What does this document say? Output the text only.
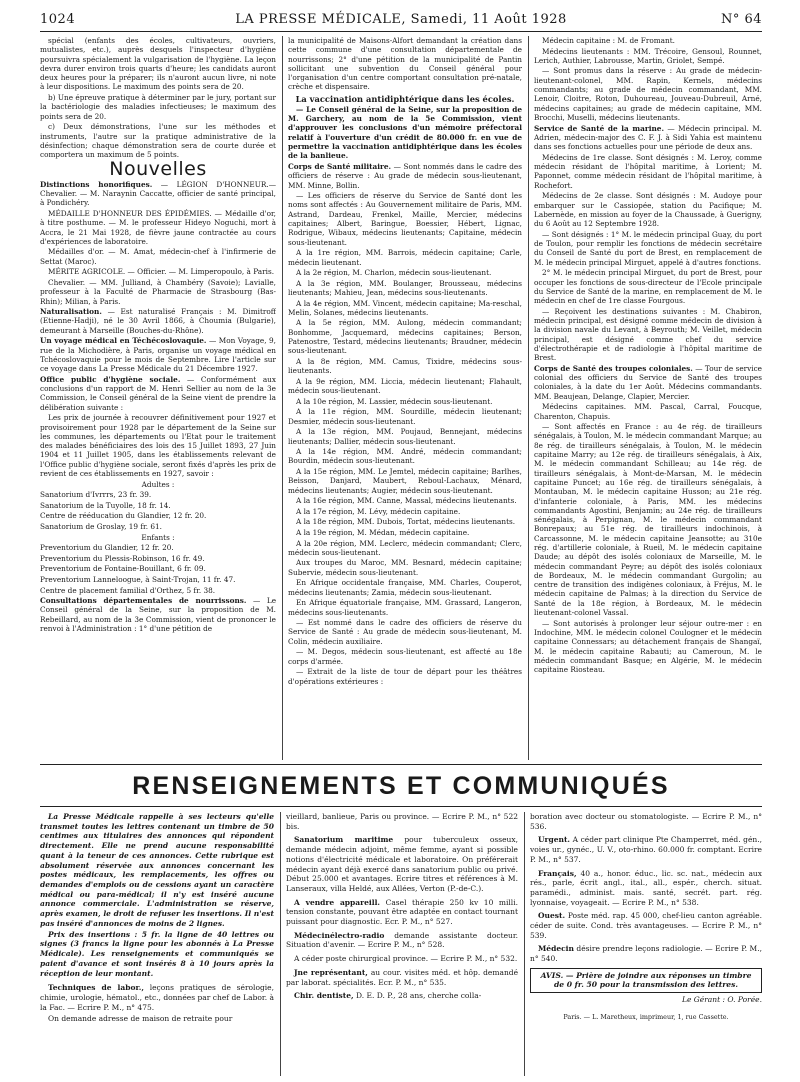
1024	LA PRESSE MÉDICALE, Samedi, 11 Août 1928	N° 64

spécial (enfants des écoles, cultivateurs, ouvriers, mutualistes, etc.), auprès desquels l'inspecteur d'hygiène poursuivra spécialement la vulgarisation de l'hygiène. La leçon devra durer environ trois quarts d'heure; les candidats auront deux heures pour la préparer; ils n'auront aucun livre, ni note à leur dispositions. Le maximum des points sera de 20.

b) Une épreuve pratique à déterminer par le jury, portant sur la bactériologie des maladies infectieuses; le maximum des points sera de 20.

c) Deux démonstrations, l'une sur les méthodes et instruments, l'autre sur la pratique administrative de la désinfection; chaque démonstration sera de courte durée et comportera un maximum de 5 points.

Nouvelles

Distinctions honorifiques. — LÉGION D'HONNEUR.— Chevalier. — M. Naraynin Caccatte, officier de santé principal, à Pondichéry.

MÉDAILLE D'HONNEUR DES ÉPIDÉMIES. — Médaille d'or, à titre posthume. — M. le professeur Hideyo Noguchi, mort à Accra, le 21 Mai 1928, de fièvre jaune contractée au cours d'expériences de laboratoire.

Médailles d'or. — M. Amat, médecin-chef à l'infirmerie de Settat (Maroc).

MÉRITE AGRICOLE. — Officier. — M. Limperopoulo, à Paris.

Chevalier. — MM. Julliand, à Chambéry (Savoie); Lavialle, professeur à la Faculté de Pharmacie de Strasbourg (Bas-Rhin); Milian, à Paris.

Naturalisation. — Est naturalisé Français : M. Dimitroff (Etienne-Hadji), né le 30 Avril 1866, à Choumia (Bulgarie), demeurant à Marseille (Bouches-du-Rhône).

Un voyage médical en Téchécoslovaquie. — Mon Voyage, 9, rue de la Michodière, à Paris, organise un voyage médical en Tchécoslovaquie pour le mois de Septembre. Lire l'article sur ce voyage dans La Presse Médicale du 21 Décembre 1927.

Office public d'hygiène sociale. — Conformément aux conclusions d'un rapport de M. Henri Sellier au nom de la 3e Commission, le Conseil général de la Seine vient de prendre la délibération suivante :

Les prix de journée à recouvrer définitivement pour 1927 et provisoirement pour 1928 par le département de la Seine sur les communes, les départements ou l'Etat pour le traitement des malades bénéficiaires des lois des 15 Juillet 1893, 27 Juin 1904 et 11 Juillet 1905, dans les établissements relevant de l'Office public d'hygiène sociale, seront fixés d'après les prix de revient de ces établissements en 1927, savoir :

Adultes :

Sanatorium d'Ivrrrs, 23 fr. 39.

Sanatorium de la Tuyolle, 18 fr. 14.

Centre de rééducation du Glandier, 12 fr. 20.

Sanatorium de Groslay, 19 fr. 61.

Enfants :

Preventorium du Glandier, 12 fr. 20.

Preventorium du Plessis-Robinson, 16 fr. 49.

Preventorium de Fontaine-Bouillant, 6 fr. 09.

Preventorium Lanneloogue, à Saint-Trojan, 11 fr. 47.

Centre de placement familial d'Orthez, 5 fr. 38.

Consultations départementales de nourrissons. — Le Conseil général de la Seine, sur la proposition de M. Rebeillard, au nom de la 3e Commission, vient de prononcer le renvoi à l'Administration : 1° d'une pétition de

la municipalité de Maisons-Alfort demandant la création dans cette commune d'une consultation départementale de nourrissons; 2° d'une pétition de la municipalité de Pantin sollicitant une subvention du Conseil général pour l'organisation d'un centre comportant consultation pré-natale, crèche et dispensaire.

La vaccination antidiphtérique dans les écoles.

— Le Conseil général de la Seine, sur la proposition de M. Garchery, au nom de la 5e Commission, vient d'approuver les conclusions d'un mémoire préfectoral relatif à l'ouverture d'un crédit de 80.000 fr. en vue de permettre la vaccination antidiphtérique dans les écoles de la banlieue.

Corps de Santé militaire. — Sont nommés dans le cadre des officiers de réserve : Au grade de médecin sous-lieutenant, MM. Minne, Bollin.

— Les officiers de réserve du Service de Santé dont les noms sont affectés : Au Gouvernement militaire de Paris, MM. Astrand, Dardeau, Frenkel, Maille, Mercier, médecins capitaines; Albert, Baringue, Boessier, Hébert, Lignac, Rodrigue, Wibaux, médecins lieutenants; Capitaine, médecin sous-lieutenant.

A la 1re région, MM. Barrois, médecin capitaine; Carle, médecin lieutenant.

A la 2e région, M. Charlon, médecin sous-lieutenant.

A la 3e région, MM. Boulanger, Brousseau, médecins lieutenants; Mahieu, Jean, médecins sous-lieutenants.

A la 4e région, MM. Vincent, médecin capitaine; Ma-reschal, Melin, Solanes, médecins lieutenants.

A la 5e région, MM. Aulong, médecin commandant; Bonhomme, Jacquemard, médecins capitaines; Berson, Patenostre, Testard, médecins lieutenants; Braudner, médecin sous-lieutenant.

A la 8e région, MM. Camus, Tixidre, médecins sous-lieutenants.

A la 9e région, MM. Liccia, médecin lieutenant; Flahault, médecin sous-lieutenant.

A la 10e région, M. Lassier, médecin sous-lieutenant.

A la 11e région, MM. Sourdille, médecin lieutenant; Desmier, médecin sous-lieutenant.

A la 13e région, MM. Poujaud, Bennejant, médecins lieutenants; Dallier, médecin sous-lieutenant.

A la 14e région, MM. André, médecin commandant; Bourdin, médecin sous-lieutenant.

A la 15e région, MM. Le Jemtel, médecin capitaine; Barlhes, Beisson, Danjard, Maubert, Reboul-Lachaux, Ménard, médecins lieutenants; Augier, médecin sous-lieutenant.

A la 16e région, MM. Canne, Massal, médecins lieutenants.

A la 17e région, M. Lévy, médecin capitaine.

A la 18e région, MM. Dubois, Tortat, médecins lieutenants.

A la 19e région, M. Médan, médecin capitaine.

A la 20e région, MM. Leclerc, médecin commandant; Clerc, médecin sous-lieutenant.

Aux troupes du Maroc, MM. Besnard, médecin capitaine; Subervie, médecin sous-lieutenant.

En Afrique occidentale française, MM. Charles, Couperot, médecins lieutenants; Zamia, médecin sous-lieutenant.

En Afrique équatoriale française, MM. Grassard, Langeron, médecins sous-lieutenants.

— Est nommé dans le cadre des officiers de réserve du Service de Santé : Au grade de médecin sous-lieutenant, M. Colin, médecin auxiliaire.

— M. Degos, médecin sous-lieutenant, est affecté au 18e corps d'armée.

— Extrait de la liste de tour de départ pour les théâtres d'opérations extérieures :

Médecin capitaine : M. de Fromant.

Médecins lieutenants : MM. Trécoire, Gensoul, Rounnet, Lerich, Authier, Labrousse, Martin, Griolet, Sempé.

— Sont promus dans la réserve : Au grade de médecin-lieutenant-colonel, MM. Rapin, Kernels, médecins commandants; au grade de médecin commandant, MM. Lenoir, Cloitre, Roton, Duhoureau, Jouveau-Dubreuil, Arné, médecins capitaines; au grade de médecin capitaine, MM. Brocchi, Muselli, médecins lieutenants.

Service de Santé de la marine. — Médecin principal. M. Adrien, médecin-major des C. F. J. à Sidi Yahia est maintenu dans ses fonctions actuelles pour une période de deux ans.

Médecins de 1re classe. Sont désignés : M. Leroy, comme médecin résidant de l'hôpital maritime, à Lorient; M. Paponnet, comme médecin résidant de l'hôpital maritime, à Rochefort.

Médecins de 2e classe. Sont désignés : M. Audoye pour embarquer sur le Cassiopée, station du Pacifique; M. Labernède, en mission au foyer de la Chaussade, à Guerigny, du 6 Août au 12 Septembre 1928.

— Sont désignés : 1° M. le médecin principal Guay, du port de Toulon, pour remplir les fonctions de médecin secrétaire du Conseil de Santé du port de Brest, en remplacement de M. le médecin principal Mirguet, appelé à d'autres fonctions.

2° M. le médecin principal Mirguet, du port de Brest, pour occuper les fonctions de sous-directeur de l'Ecole principale du Service de Santé de la marine, en remplacement de M. le médecin en chef de 1re classe Fourgous.

— Reçoivent les destinations suivantes : M. Chabiron, médecin principal, est désigné comme médecin de division à la division navale du Levant, à Beyrouth; M. Veillet, médecin principal, est désigné comme chef du service d'électrothérapie et de radiologie à l'hôpital maritime de Brest.

Corps de Santé des troupes coloniales. — Tour de service colonial des officiers du Service de Santé des troupes coloniales, à la date du 1er Août. Médecins commandants. MM. Beaujean, Delange, Clapier, Mercier.

Médecins capitaines. MM. Pascal, Carral, Foucque, Charenton, Chapuis.

— Sont affectés en France : au 4e rég. de tirailleurs sénégalais, à Toulon, M. le médecin commandant Marque; au 8e rég. de tirailleurs sénégalais, à Toulon, M. le médecin capitaine Marry; au 12e rég. de tirailleurs sénégalais, à Aix, M. le médecin commandant Schilleau; au 14e rég. de tirailleurs sénégalais, à Mont-de-Marsan, M. le médecin capitaine Puncet; au 16e rég. de tirailleurs sénégalais, à Montauban, M. le médecin capitaine Husson; au 21e rég. d'infanterie coloniale, à Paris, MM. les médecins commandants Agostini, Benjamin; au 24e rég. de tirailleurs sénégalais, à Perpignan, M. le médecin commandant Bonrepaux; au 51e rég. de tirailleurs indochinois, à Carcassonne, M. le médecin capitaine Jeansotte; au 310e rég. d'artillerie coloniale, à Rueil, M. le médecin capitaine Daude; au dépôt des isolés coloniaux de Marseille, M. le médecin commandant Peyre; au dépôt des isolés coloniaux de Bordeaux, M. le médecin commandant Gurgolin; au centre de transition des indigènes coloniaux, à Fréjus, M. le médecin capitaine de Palmas; à la direction du Service de Santé de la 18e région, à Bordeaux, M. le médecin lieutenant-colonel Vassal.

— Sont autorisés à prolonger leur séjour outre-mer : en Indochine, MM. le médecin colonel Coulogner et le médecin capitaine Connessars; au détachement français de Shangaï, M. le médecin capitaine Rabauti; au Cameroun, M. le médecin commandant Basque; en Algérie, M. le médecin capitaine Riosteau.

RENSEIGNEMENTS ET COMMUNIQUÉS

La Presse Médicale rappelle à ses lecteurs qu'elle transmet toutes les lettres contenant un timbre de 50 centimes aux titulaires des annonces qui répondent directement. Elle ne prend aucune responsabilité quant à la teneur de ces annonces. Cette rubrique est absolument réservée aux annonces concernant les postes médicaux, les remplacements, les offres ou demandes d'emplois ou de cessions ayant un caractère médical ou para-médical; il n'y est inséré aucune annonce commerciale. L'administration se réserve, après examen, le droit de refuser les insertions. Il n'est pas inséré d'annonces de moins de 2 lignes.

Prix des insertions : 5 fr. la ligne de 40 lettres ou signes (3 francs la ligne pour les abonnés à La Presse Médicale). Les renseignements et communiqués se paient d'avance et sont insérés 8 à 10 jours après la réception de leur montant.

Techniques de labor., leçons pratiques de sérologie, chimie, urologie, hématol., etc., données par chef de Labor. à la Fac. — Ecrire P. M., n° 475.

On demande adresse de maison de retraite pour

vieillard, banlieue, Paris ou province. — Ecrire P. M., n° 522 bis.

Sanatorium maritime pour tuberculeux osseux, demande médecin adjoint, même femme, ayant si possible notions d'électricité médicale et laboratoire. On préférerait médecin ayant déjà exercé dans sanatorium public ou privé. Début 25.000 et avantages. Ecrire titres et références à M. Lanseraux, villa Heldé, aux Allées, Verton (P.-de-C.).

A vendre appareill. Casel thérapie 250 kv 10 milli. tension constante, pouvant être adaptée en contact tournant puissant pour diagnostic. Ecr. P. M., n° 527.

Médecinélectro-radio demande assistante docteur. Situation d'avenir. — Ecrire P. M., n° 528.

A céder poste chirurgical province. — Ecrire P. M., n° 532.

Jne représentant, au cour. visites méd. et hôp. demandé par laborat. spécialités. Ecr. P. M., n° 535.

Chir. dentiste, D. E. D. P., 28 ans, cherche colla-

boration avec docteur ou stomatologiste. — Ecrire P. M., n° 536.

Urgent. A céder part clinique Pte Champerret, méd. gén., voies ur., gynéc., U. V., oto-rhino. 60.000 fr. comptant. Ecrire P. M., n° 537.

Français, 40 a., honor. éduc., lic. sc. nat., médecin aux rés., parle, écrit angl., ital., all., espér., cherch. situat. paramédi., administ. mais. santé, secrét. part. rég. lyonnaise, voyageait. — Ecrire P. M., n° 538.

Ouest. Poste méd. rap. 45 000, chef-lieu canton agréable. céder de suite. Cond. très avantageuses. — Ecrire P. M., n° 539.

Médecin désire prendre leçons radiologie. — Ecrire P. M., n° 540.

AVIS. — Prière de joindre aux réponses un timbre de 0 fr. 50 pour la transmission des lettres.
Le Gérant : O. Porée.
Paris. — L. Maretheux, imprimeur, 1, rue Cassette.
